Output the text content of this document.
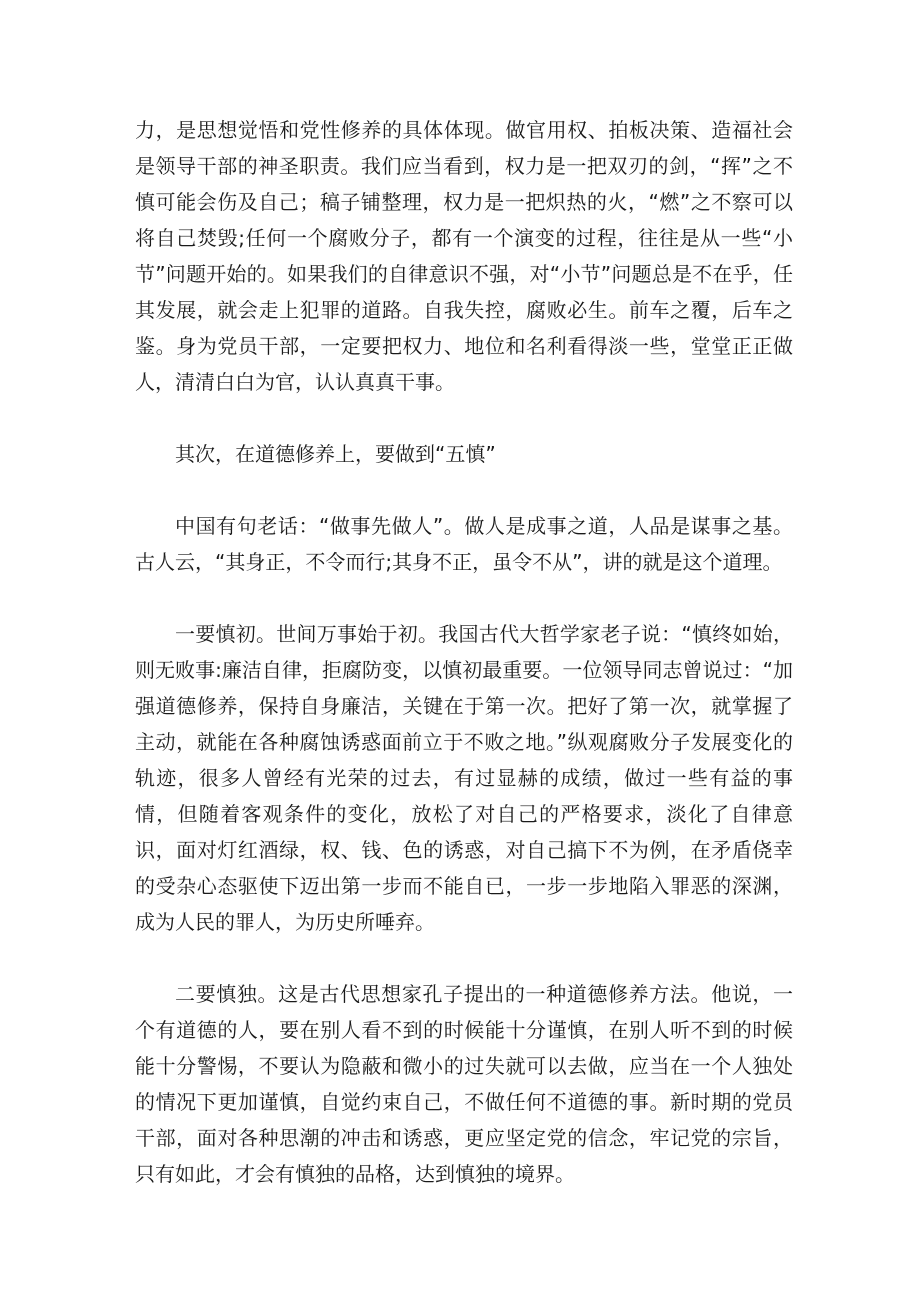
力，是思想觉悟和党性修养的具体体现。做官用权、拍板决策、造福社会是领导干部的神圣职责。我们应当看到，权力是一把双刃的剑，“挥”之不慎可能会伤及自己；稿子铺整理，权力是一把炽热的火，“燃”之不察可以将自己焚毁;任何一个腐败分子，都有一个演变的过程，往往是从一些“小节”问题开始的。如果我们的自律意识不强，对“小节”问题总是不在乎，任其发展，就会走上犯罪的道路。自我失控，腐败必生。前车之覆，后车之鉴。身为党员干部，一定要把权力、地位和名利看得淡一些，堂堂正正做人，清清白白为官，认认真真干事。

其次，在道德修养上，要做到“五慎”

中国有句老话：“做事先做人”。做人是成事之道，人品是谋事之基。古人云，“其身正，不令而行;其身不正，虽令不从”，讲的就是这个道理。

一要慎初。世间万事始于初。我国古代大哲学家老子说：“慎终如始，则无败事:廉洁自律，拒腐防变，以慎初最重要。一位领导同志曾说过：“加强道德修养，保持自身廉洁，关键在于第一次。把好了第一次，就掌握了主动，就能在各种腐蚀诱惑面前立于不败之地。”纵观腐败分子发展变化的轨迹，很多人曾经有光荣的过去，有过显赫的成绩，做过一些有益的事情，但随着客观条件的变化，放松了对自己的严格要求，淡化了自律意识，面对灯红酒绿，权、钱、色的诱惑，对自己搞下不为例，在矛盾侥幸的受杂心态驱使下迈出第一步而不能自已，一步一步地陷入罪恶的深渊，成为人民的罪人，为历史所唾弃。

二要慎独。这是古代思想家孔子提出的一种道德修养方法。他说，一个有道德的人，要在别人看不到的时候能十分谨慎，在别人听不到的时候能十分警惕，不要认为隐蔽和微小的过失就可以去做，应当在一个人独处的情况下更加谨慎，自觉约束自己，不做任何不道德的事。新时期的党员干部，面对各种思潮的冲击和诱惑，更应坚定党的信念，牢记党的宗旨，只有如此，才会有慎独的品格，达到慎独的境界。
